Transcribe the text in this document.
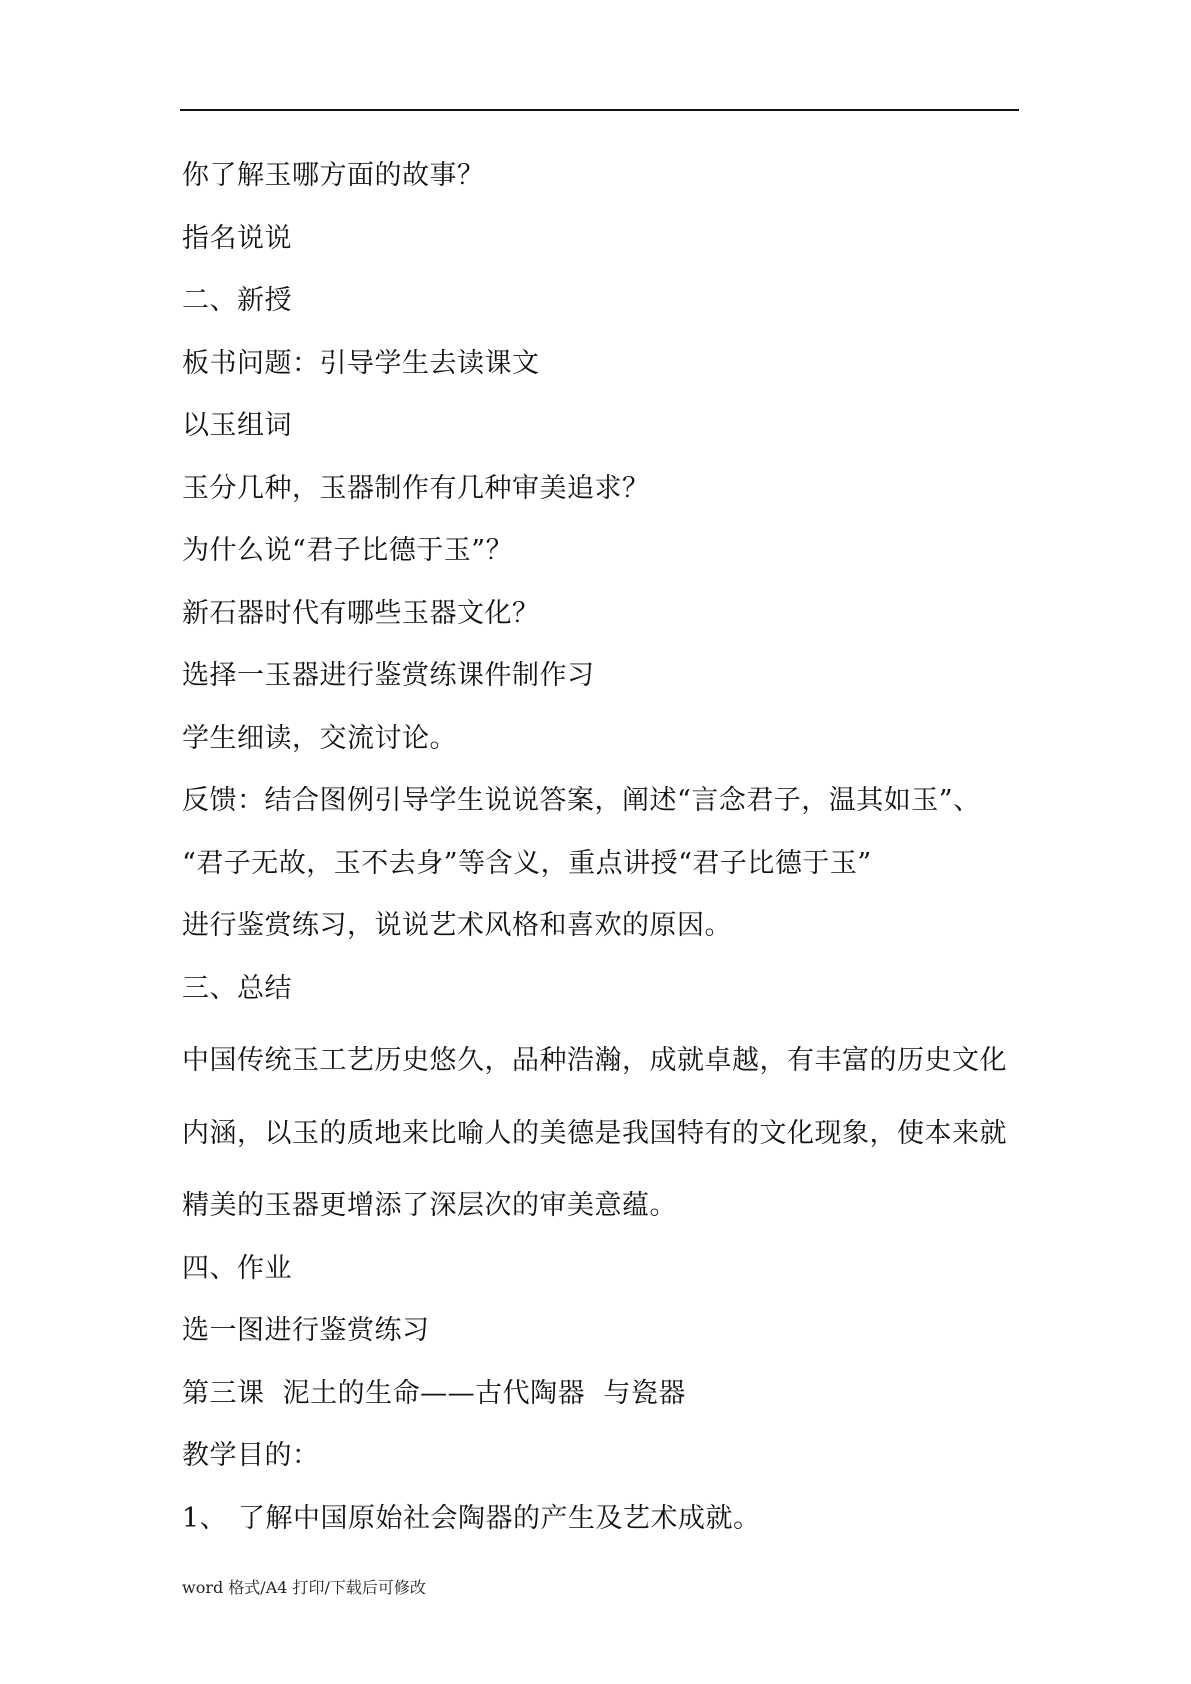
你了解玉哪方面的故事？
指名说说
二、新授
板书问题：引导学生去读课文
以玉组词
玉分几种，玉器制作有几种审美追求？
为什么说“君子比德于玉”？
新石器时代有哪些玉器文化？
选择一玉器进行鉴赏练课件制作习
学生细读，交流讨论。
反馈：结合图例引导学生说说答案，阐述“言念君子，温其如玉”、
“君子无故，玉不去身”等含义，重点讲授“君子比德于玉”
进行鉴赏练习，说说艺术风格和喜欢的原因。
三、总结
中国传统玉工艺历史悠久，品种浩瀚，成就卓越，有丰富的历史文化
内涵，以玉的质地来比喻人的美德是我国特有的文化现象，使本来就
精美的玉器更增添了深层次的审美意蕴。
四、作业
选一图进行鉴赏练习
第三课  泥土的生命——古代陶器  与瓷器
教学目的：
1、 了解中国原始社会陶器的产生及艺术成就。
word 格式/A4 打印/下载后可修改
